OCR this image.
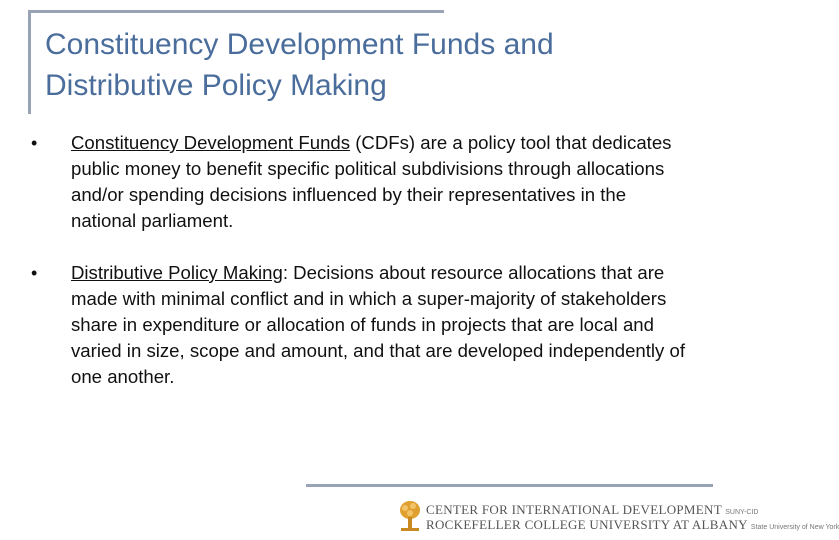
Constituency Development Funds and Distributive Policy Making
• Constituency Development Funds (CDFs) are a policy tool that dedicates public money to benefit specific political subdivisions through allocations and/or spending decisions influenced by their representatives in the national parliament.
• Distributive Policy Making: Decisions about resource allocations that are made with minimal conflict and in which a super-majority of stakeholders share in expenditure or allocation of funds in projects that are local and varied in size, scope and amount, and that are developed independently of one another.
CENTER FOR INTERNATIONAL DEVELOPMENT SUNY-CID
ROCKEFELLER COLLEGE UNIVERSITY AT ALBANY State University of New York
